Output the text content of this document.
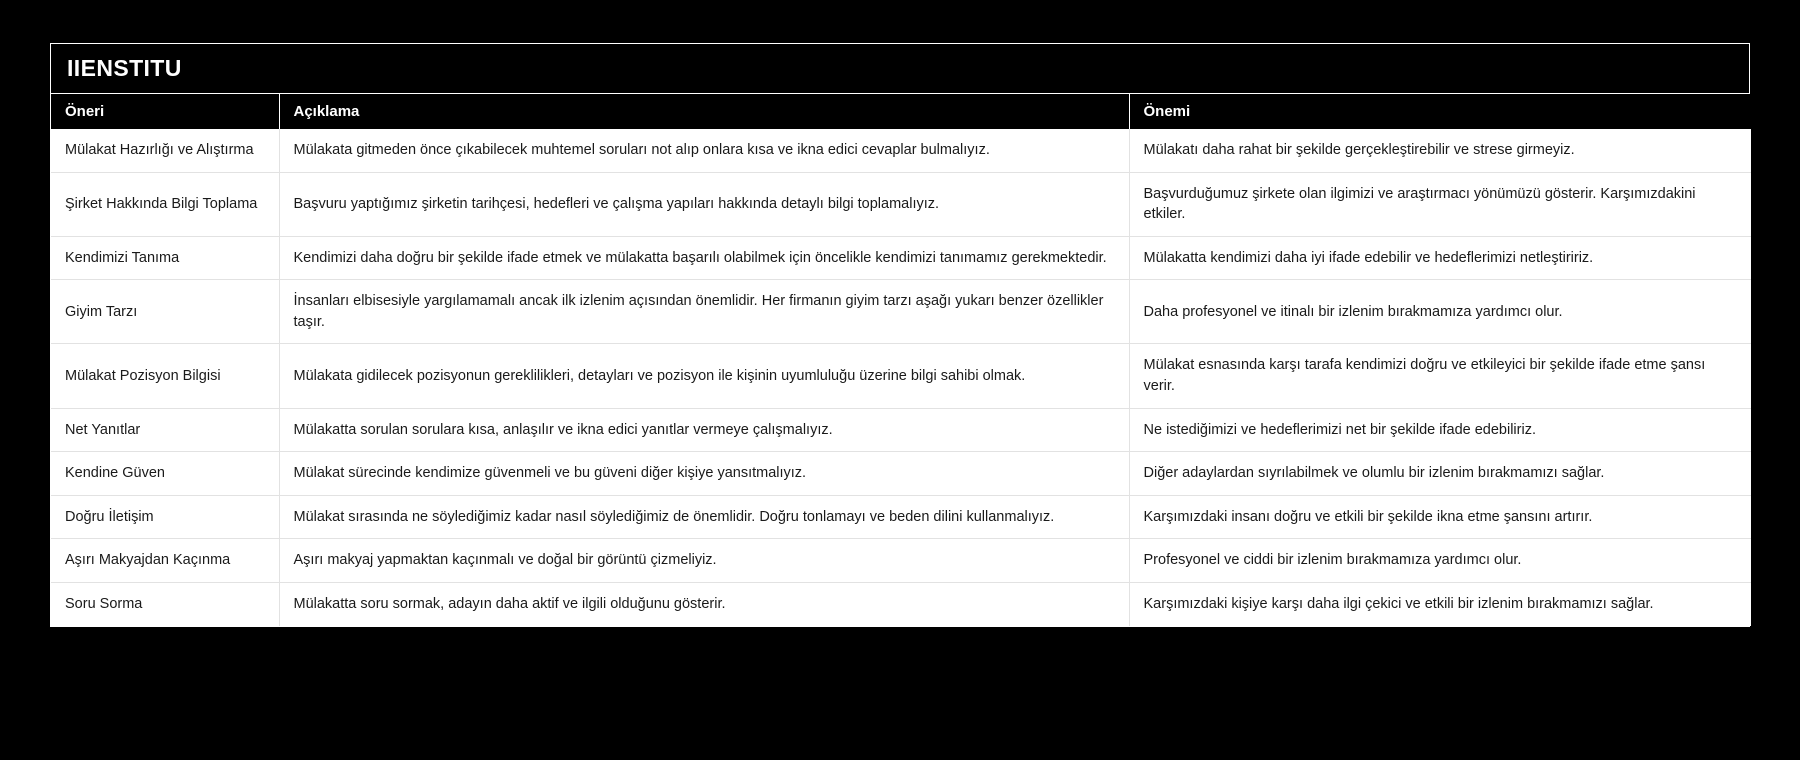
IIENSTITU
Öneri	Açıklama	Önemi
Mülakat Hazırlığı ve Alıştırma	Mülakata gitmeden önce çıkabilecek muhtemel soruları not alıp onlara kısa ve ikna edici cevaplar bulmalıyız.	Mülakatı daha rahat bir şekilde gerçekleştirebilir ve strese girmeyiz.
Şirket Hakkında Bilgi Toplama	Başvuru yaptığımız şirketin tarihçesi, hedefleri ve çalışma yapıları hakkında detaylı bilgi toplamalıyız.	Başvurduğumuz şirkete olan ilgimizi ve araştırmacı yönümüzü gösterir. Karşımızdakini etkiler.
Kendimizi Tanıma	Kendimizi daha doğru bir şekilde ifade etmek ve mülakatta başarılı olabilmek için öncelikle kendimizi tanımamız gerekmektedir.	Mülakatta kendimizi daha iyi ifade edebilir ve hedeflerimizi netleştiririz.
Giyim Tarzı	İnsanları elbisesiyle yargılamamalı ancak ilk izlenim açısından önemlidir. Her firmanın giyim tarzı aşağı yukarı benzer özellikler taşır.	Daha profesyonel ve itinalı bir izlenim bırakmamıza yardımcı olur.
Mülakat Pozisyon Bilgisi	Mülakata gidilecek pozisyonun gereklilikleri, detayları ve pozisyon ile kişinin uyumluluğu üzerine bilgi sahibi olmak.	Mülakat esnasında karşı tarafa kendimizi doğru ve etkileyici bir şekilde ifade etme şansı verir.
Net Yanıtlar	Mülakatta sorulan sorulara kısa, anlaşılır ve ikna edici yanıtlar vermeye çalışmalıyız.	Ne istediğimizi ve hedeflerimizi net bir şekilde ifade edebiliriz.
Kendine Güven	Mülakat sürecinde kendimize güvenmeli ve bu güveni diğer kişiye yansıtmalıyız.	Diğer adaylardan sıyrılabilmek ve olumlu bir izlenim bırakmamızı sağlar.
Doğru İletişim	Mülakat sırasında ne söylediğimiz kadar nasıl söylediğimiz de önemlidir. Doğru tonlamayı ve beden dilini kullanmalıyız.	Karşımızdaki insanı doğru ve etkili bir şekilde ikna etme şansını artırır.
Aşırı Makyajdan Kaçınma	Aşırı makyaj yapmaktan kaçınmalı ve doğal bir görüntü çizmeliyiz.	Profesyonel ve ciddi bir izlenim bırakmamıza yardımcı olur.
Soru Sorma	Mülakatta soru sormak, adayın daha aktif ve ilgili olduğunu gösterir.	Karşımızdaki kişiye karşı daha ilgi çekici ve etkili bir izlenim bırakmamızı sağlar.
